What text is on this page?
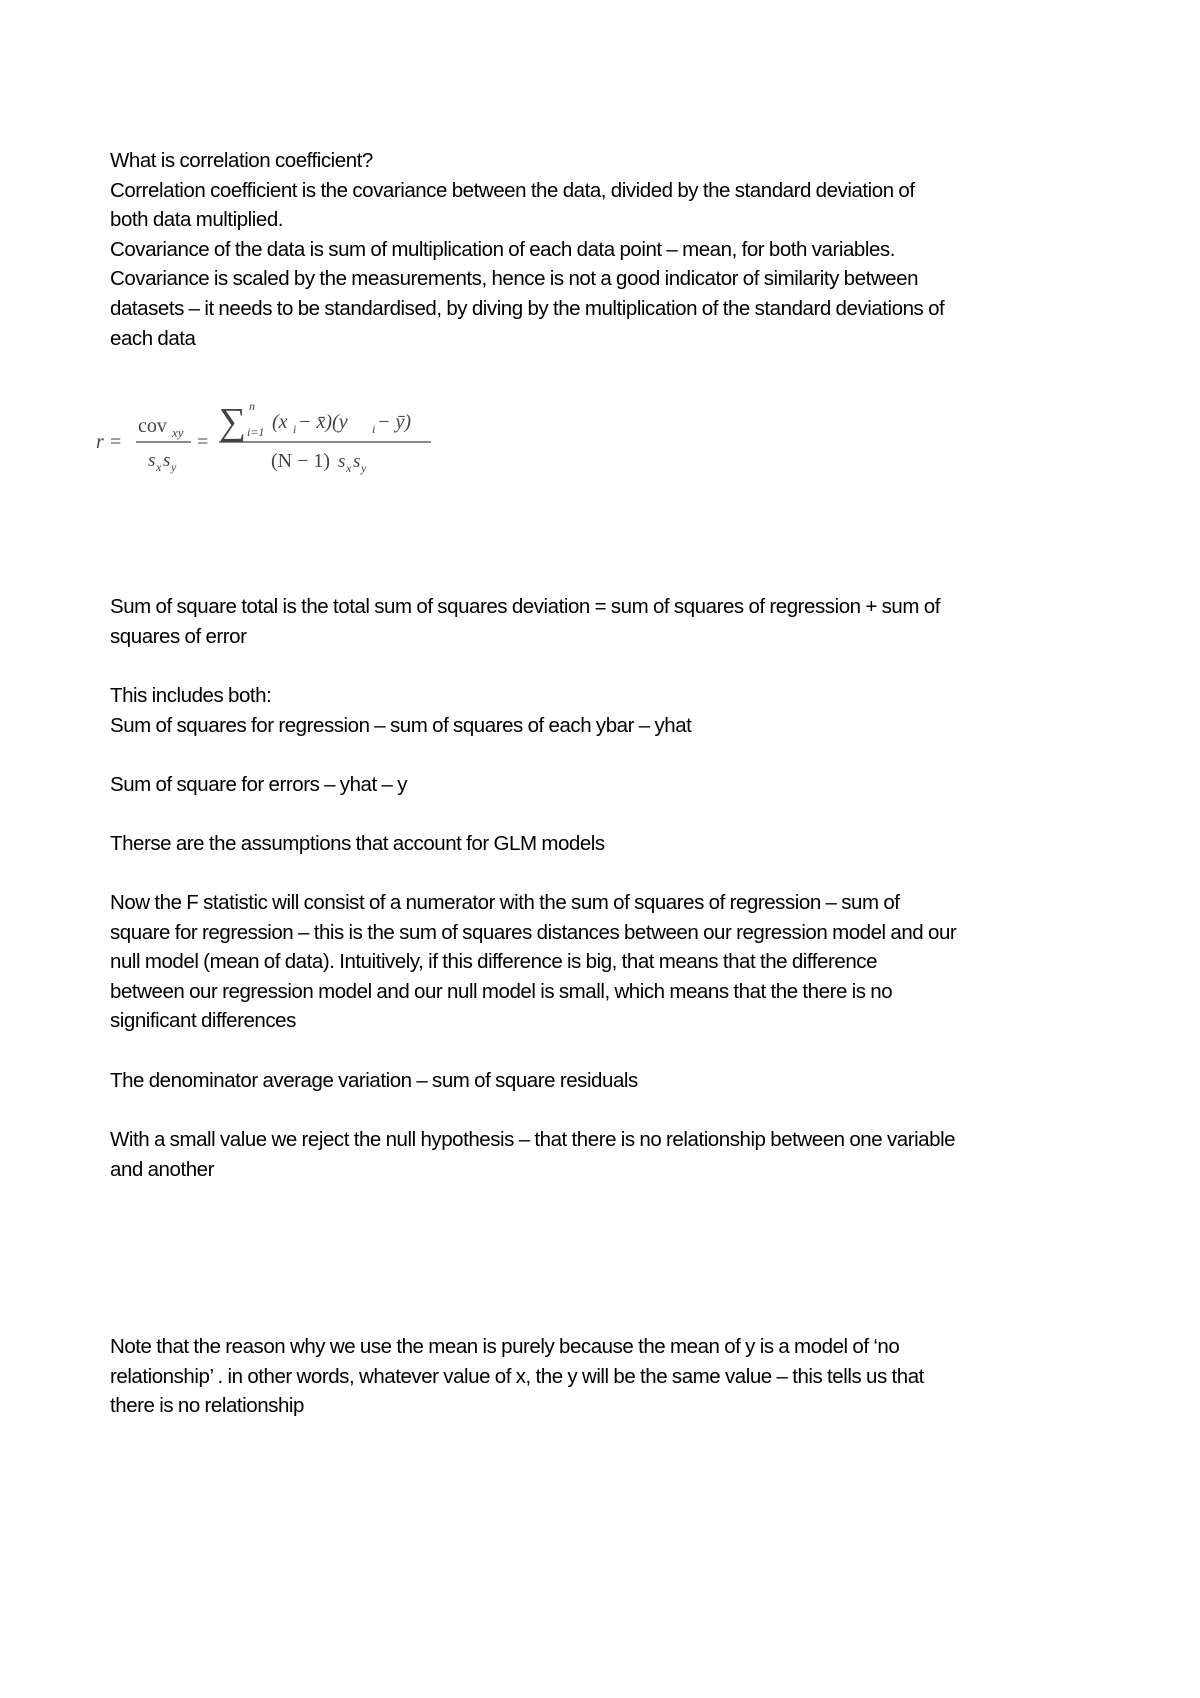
What is correlation coefficient?

Correlation coefficient is the covariance between the data, divided by the standard deviation of

both data multiplied.

Covariance of the data is sum of multiplication of each data point – mean, for both variables.

Covariance is scaled by the measurements, hence is not a good indicator of similarity between

datasets – it needs to be standardised, by diving by the multiplication of the standard deviations of

each data

r =
cov xy
s x s y
= ∑ n
i=1 (x i − x̄)(y i − ȳ)
(N − 1) s x s y

Sum of square total is the total sum of squares deviation = sum of squares of regression + sum of

squares of error

This includes both:

Sum of squares for regression – sum of squares of each ybar – yhat

Sum of square for errors – yhat – y

Therse are the assumptions that account for GLM models

Now the F statistic will consist of a numerator with the sum of squares of regression – sum of

square for regression – this is the sum of squares distances between our regression model and our

null model (mean of data). Intuitively, if this difference is big, that means that the difference

between our regression model and our null model is small, which means that the there is no

significant differences

The denominator average variation – sum of square residuals

With a small value we reject the null hypothesis – that there is no relationship between one variable

and another

Note that the reason why we use the mean is purely because the mean of y is a model of ‘no

relationship’ . in other words, whatever value of x, the y will be the same value – this tells us that

there is no relationship
